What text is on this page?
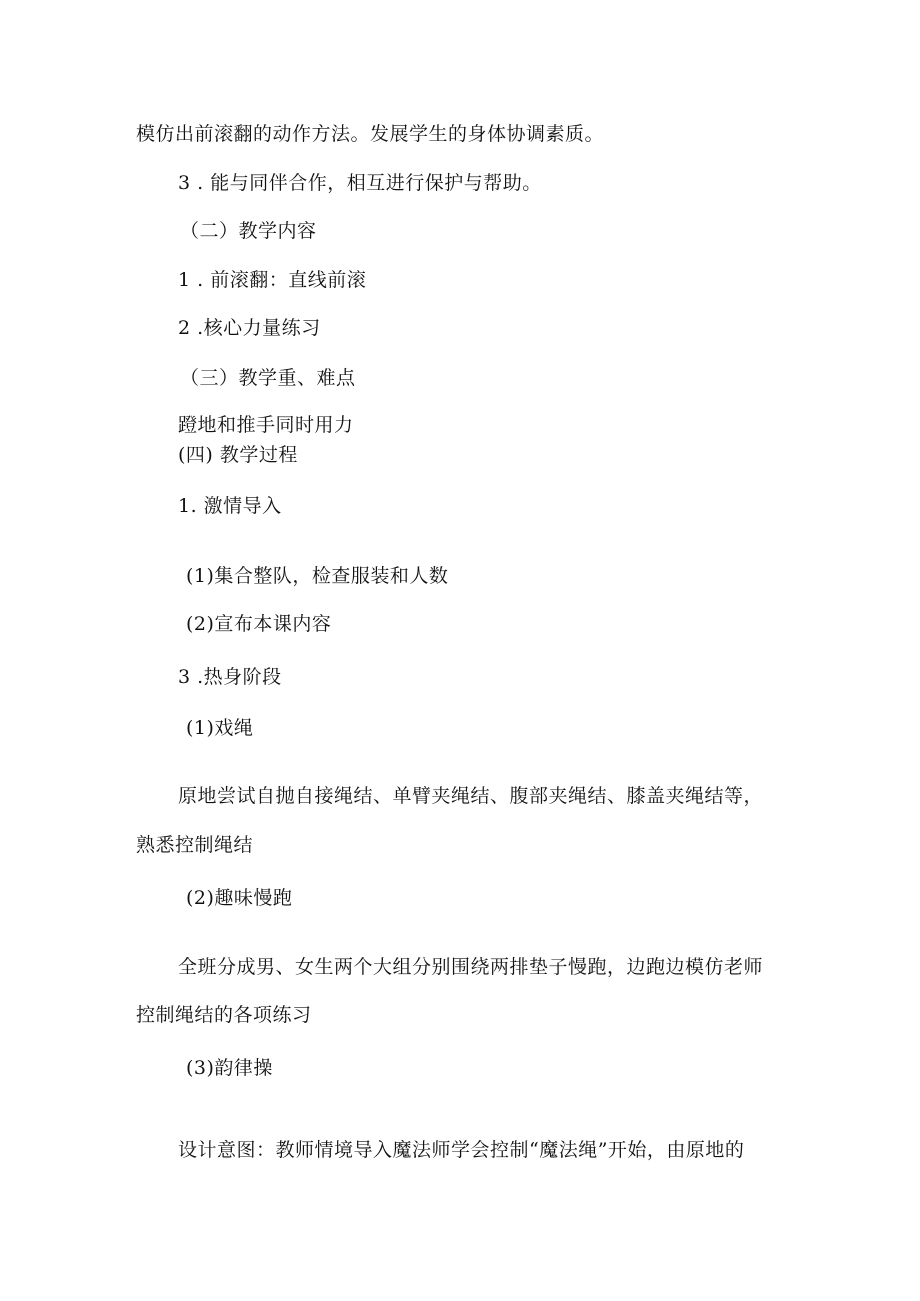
模仿出前滚翻的动作方法。发展学生的身体协调素质。
3 . 能与同伴合作，相互进行保护与帮助。
（二）教学内容
1 . 前滚翻：直线前滚
2 .核心力量练习
（三）教学重、难点
蹬地和推手同时用力
(四) 教学过程
1. 激情导入
(1)集合整队，检查服装和人数
(2)宣布本课内容
3 .热身阶段
(1)戏绳
原地尝试自抛自接绳结、单臂夹绳结、腹部夹绳结、膝盖夹绳结等，
熟悉控制绳结
(2)趣味慢跑
全班分成男、女生两个大组分别围绕两排垫子慢跑，边跑边模仿老师
控制绳结的各项练习
(3)韵律操
设计意图：教师情境导入魔法师学会控制“魔法绳”开始，由原地的
